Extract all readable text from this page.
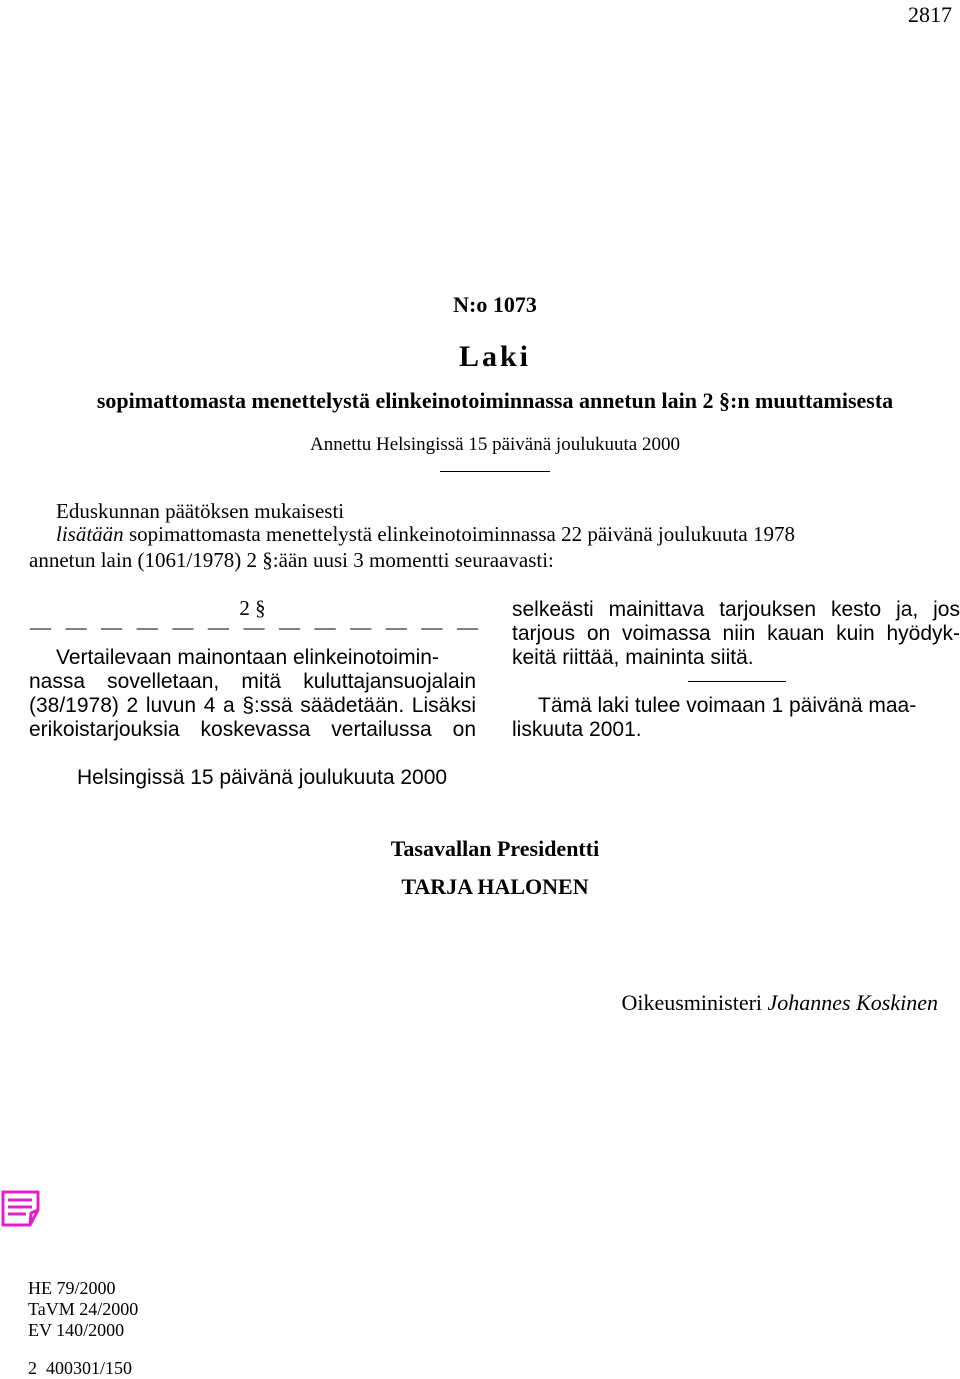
2817
N:o 1073
Laki
sopimattomasta menettelystä elinkeinotoiminnassa annetun lain 2 §:n muuttamisesta
Annettu Helsingissä 15 päivänä joulukuuta 2000
Eduskunnan päätöksen mukaisesti
lisätään sopimattomasta menettelystä elinkeinotoiminnassa 22 päivänä joulukuuta 1978
annetun lain (1061/1978) 2 §:ään uusi 3 momentti seuraavasti:
2 §
— — — — — — — — — — — — —
Vertailevaan mainontaan elinkeinotoimin-
nassa sovelletaan, mitä kuluttajansuojalain
(38/1978) 2 luvun 4 a §:ssä säädetään. Lisäksi
erikoistarjouksia koskevassa vertailussa on
selkeästi mainittava tarjouksen kesto ja, jos
tarjous on voimassa niin kauan kuin hyödyk-
keitä riittää, maininta siitä.
Tämä laki tulee voimaan 1 päivänä maa-
liskuuta 2001.
Helsingissä 15 päivänä joulukuuta 2000
Tasavallan Presidentti
TARJA HALONEN
Oikeusministeri Johannes Koskinen
HE 79/2000
TaVM 24/2000
EV 140/2000
2  400301/150
